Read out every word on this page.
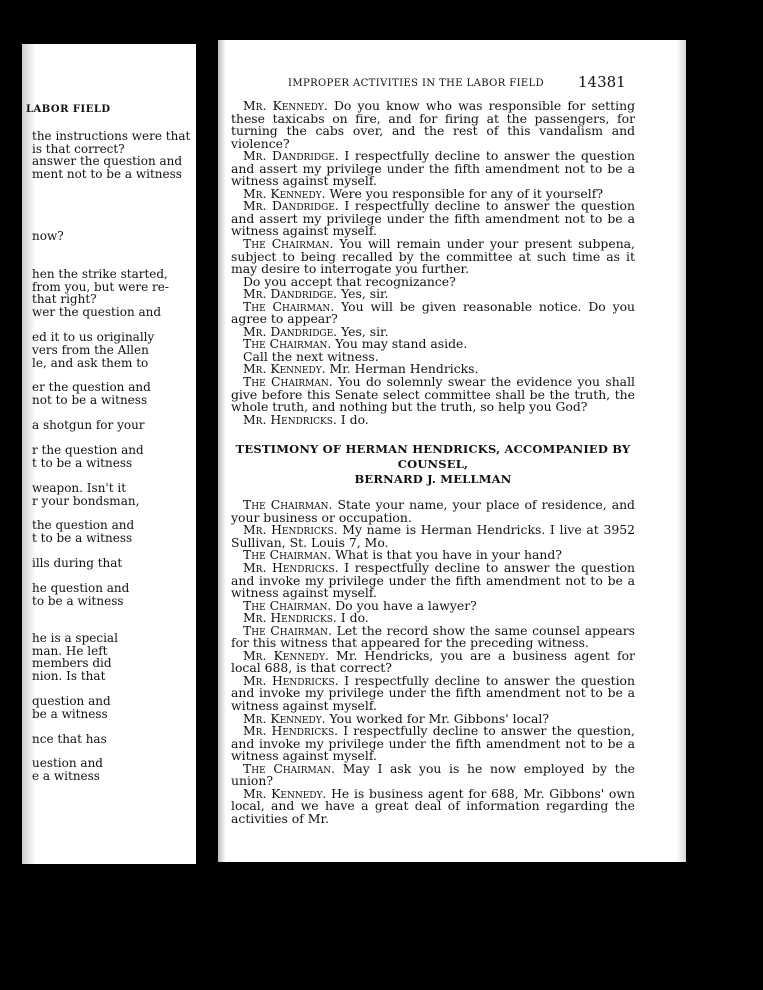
LABOR FIELD
the instructions were that
is that correct?
answer the question and
ment not to be a witness
now?
hen the strike started,
from you, but were re-
that right?
wer the question and
ed it to us originally
vers from the Allen
le, and ask them to
er the question and
not to be a witness
a shotgun for your
r the question and
t to be a witness
weapon. Isn't it
r your bondsman,
the question and
t to be a witness
ills during that
he question and
to be a witness
he is a special
man. He left
members did
nion. Is that
question and
be a witness
nce that has
uestion and
e a witness
IMPROPER ACTIVITIES IN THE LABOR FIELD 14381

Mr. Kennedy. Do you know who was responsible for setting these taxicabs on fire, and for firing at the passengers, for turning the cabs over, and the rest of this vandalism and violence?

Mr. Dandridge. I respectfully decline to answer the question and assert my privilege under the fifth amendment not to be a witness against myself.

Mr. Kennedy. Were you responsible for any of it yourself?

Mr. Dandridge. I respectfully decline to answer the question and assert my privilege under the fifth amendment not to be a witness against myself.

The Chairman. You will remain under your present subpena, subject to being recalled by the committee at such time as it may desire to interrogate you further.

Do you accept that recognizance?

Mr. Dandridge. Yes, sir.

The Chairman. You will be given reasonable notice. Do you agree to appear?

Mr. Dandridge. Yes, sir.

The Chairman. You may stand aside.

Call the next witness.

Mr. Kennedy. Mr. Herman Hendricks.

The Chairman. You do solemnly swear the evidence you shall give before this Senate select committee shall be the truth, the whole truth, and nothing but the truth, so help you God?

Mr. Hendricks. I do.

TESTIMONY OF HERMAN HENDRICKS, ACCOMPANIED BY COUNSEL,
BERNARD J. MELLMAN

The Chairman. State your name, your place of residence, and your business or occupation.

Mr. Hendricks. My name is Herman Hendricks. I live at 3952 Sullivan, St. Louis 7, Mo.

The Chairman. What is that you have in your hand?

Mr. Hendricks. I respectfully decline to answer the question and invoke my privilege under the fifth amendment not to be a witness against myself.

The Chairman. Do you have a lawyer?

Mr. Hendricks. I do.

The Chairman. Let the record show the same counsel appears for this witness that appeared for the preceding witness.

Mr. Kennedy. Mr. Hendricks, you are a business agent for local 688, is that correct?

Mr. Hendricks. I respectfully decline to answer the question and invoke my privilege under the fifth amendment not to be a witness against myself.

Mr. Kennedy. You worked for Mr. Gibbons' local?

Mr. Hendricks. I respectfully decline to answer the question, and invoke my privilege under the fifth amendment not to be a witness against myself.

The Chairman. May I ask you is he now employed by the union?

Mr. Kennedy. He is business agent for 688, Mr. Gibbons' own local, and we have a great deal of information regarding the activities of Mr.
